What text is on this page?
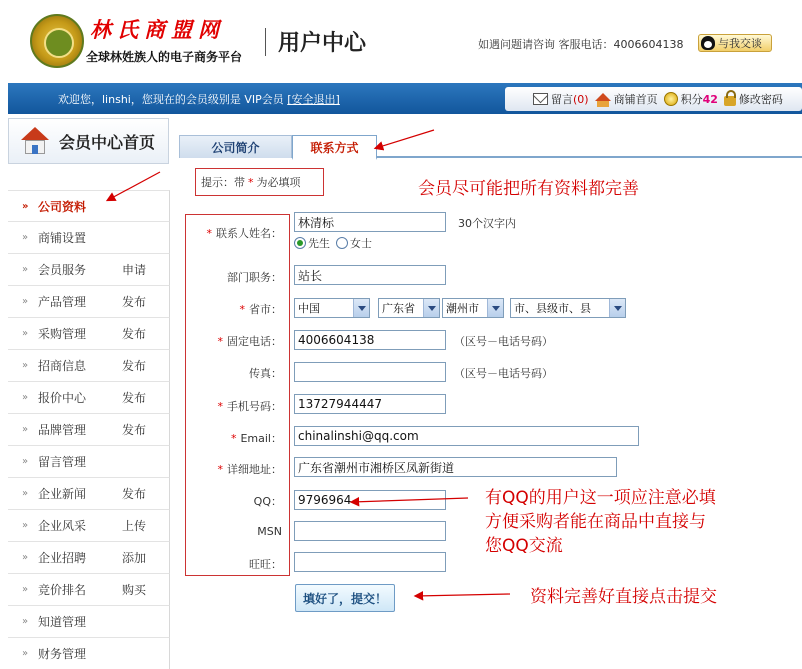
林氏商盟网
全球林姓族人的电子商务平台
用户中心	如遇问题请咨询 客服电话：4006604138	与我交谈
欢迎您，linshi，您现在的会员级别是 VIP会员 [安全退出]	留言 (0) 商铺首页 积分 42 修改密码
会员中心首页
» 公司资料
» 商铺设置
» 会员服务	申请
» 产品管理	发布
» 采购管理	发布
» 招商信息	发布
» 报价中心	发布
» 品牌管理	发布
» 留言管理
» 企业新闻	发布
» 企业风采	上传
» 企业招聘	添加
» 竞价排名	购买
» 知道管理
» 财务管理
公司简介	联系方式
提示：带 * 为必填项	会员尽可能把所有资料都完善
有QQ的用户这一项应注意必填
方便采购者能在商品中直接与
您QQ交流
资料完善好直接点击提交
* 联系人姓名：
林清标
30个汉字内
先生 女士
部门职务：
站长
* 省市： 中国	广东省	潮州市	市、县级市、县
* 固定电话：
4006604138	（区号－电话号码）
传真：	（区号－电话号码）
* 手机号码：
13727944447
* Email：
chinalinshi@qq.com
* 详细地址：
广东省潮州市湘桥区凤新街道
QQ：
9796964
MSN
旺旺：
填好了，提交！
